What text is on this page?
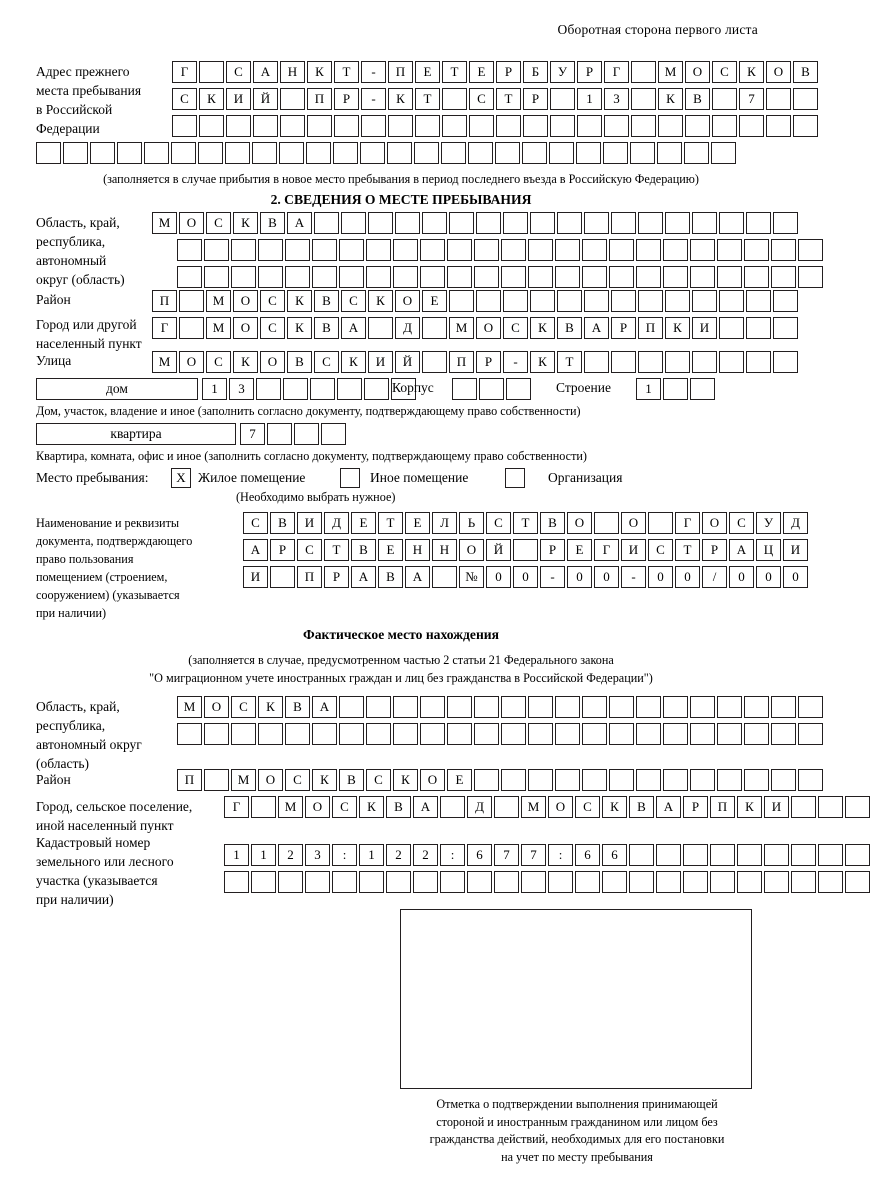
Оборотная сторона первого листа
Адрес прежнего
места пребывания
в Российской
Федерации
Г	С	А	Н	К	Т	-	П	Е	Т	Е	Р	Б	У	Р	Г	М	О	С	К	О	В
С	К	И	Й	П	Р	-	К	Т	С	Т	Р	1	3	К	В	7
(заполняется в случае прибытия в новое место пребывания в период последнего въезда в Российскую Федерацию)
2. СВЕДЕНИЯ О МЕСТЕ ПРЕБЫВАНИЯ
Область, край,
республика,
автономный
округ (область)
М	О	С	К	В	А
Район	П	М	О	С	К	В	С	К	О	Е
Город или другой
населенный пункт
Г	М	О	С	К	В	А	Д	М	О	С	К	В	А	Р	П	К	И
Улица	М	О	С	К	О	В	С	К	И	Й	П	Р	-	К	Т
дом	1	3	Корпус	Строение	1
Дом, участок, владение и иное (заполнить согласно документу, подтверждающему право собственности)
квартира	7
Квартира, комната, офис и иное (заполнить согласно документу, подтверждающему право собственности)
Место пребывания:	X Жилое помещение	Иное помещение	Организация
(Необходимо выбрать нужное)
Наименование и реквизиты
документа, подтверждающего
право пользования
помещением (строением,
сооружением) (указывается
при наличии)
С	В	И	Д	Е	Т	Е	Л	Ь	С	Т	В	О	О	Г	О	С	У	Д
А	Р	С	Т	В	Е	Н	Н	О	Й	Р	Е	Г	И	С	Т	Р	А	Ц	И
И	П	Р	А	В	А	№	0	0	-	0	0	-	0	0	/	0	0	0
Фактическое место нахождения
(заполняется в случае, предусмотренном частью 2 статьи 21 Федерального закона
"О миграционном учете иностранных граждан и лиц без гражданства в Российской Федерации")
Область, край,
республика,
автономный округ
(область)
М	О	С	К	В	А
Район	П	М	О	С	К	В	С	К	О	Е
Город, сельское поселение,
иной населенный пункт
Г	М	О	С	К	В	А	Д	М	О	С	К	В	А	Р	П	К	И
Кадастровый номер
земельного или лесного
участка (указывается
при наличии)
1	1	2	3	:	1	2	2	:	6	7	7	:	6	6
Отметка о подтверждении выполнения принимающей
стороной и иностранным гражданином или лицом без
гражданства действий, необходимых для его постановки
на учет по месту пребывания
